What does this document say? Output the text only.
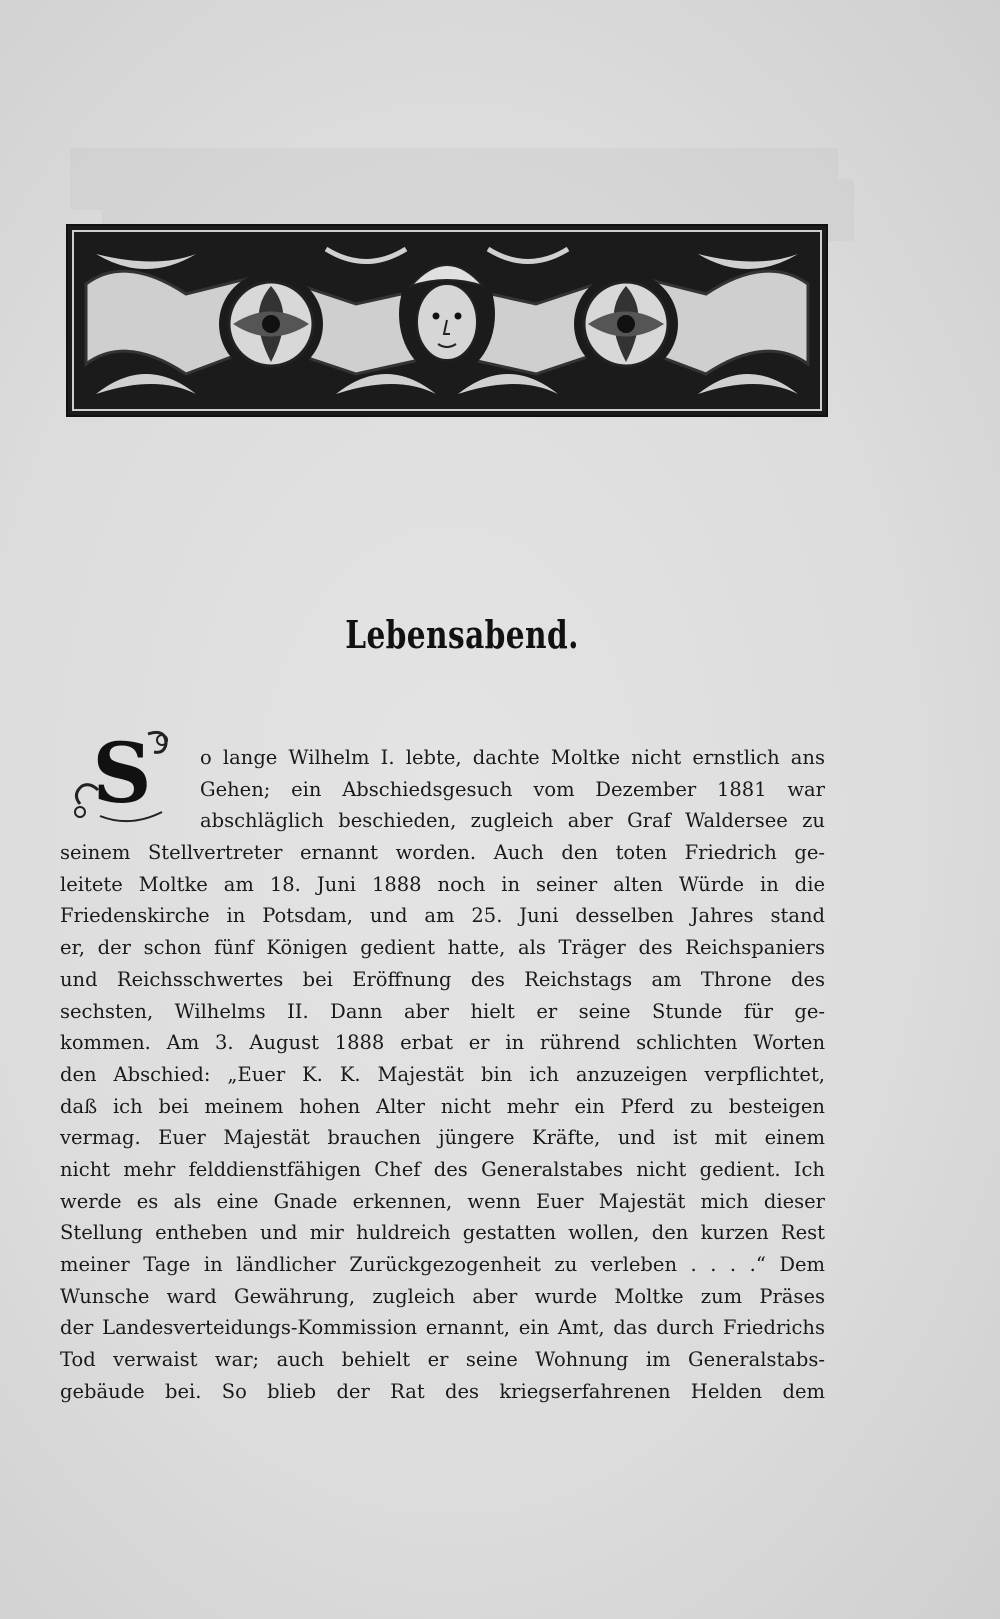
Lebensabend.
S	o lange Wilhelm I. lebte, dachte Moltke nicht ernstlich ans
Gehen; ein Abschiedsgesuch vom Dezember 1881 war
abschläglich beschieden, zugleich aber Graf Waldersee zu
seinem Stellvertreter ernannt worden. Auch den toten Friedrich ge-
leitete Moltke am 18. Juni 1888 noch in seiner alten Würde in die
Friedenskirche in Potsdam, und am 25. Juni desselben Jahres stand
er, der schon fünf Königen gedient hatte, als Träger des Reichspaniers
und Reichsschwertes bei Eröffnung des Reichstags am Throne des
sechsten, Wilhelms II. Dann aber hielt er seine Stunde für ge-
kommen. Am 3. August 1888 erbat er in rührend schlichten Worten
den Abschied: „Euer K. K. Majestät bin ich anzuzeigen verpflichtet,
daß ich bei meinem hohen Alter nicht mehr ein Pferd zu besteigen
vermag. Euer Majestät brauchen jüngere Kräfte, und ist mit einem
nicht mehr felddienstfähigen Chef des Generalstabes nicht gedient. Ich
werde es als eine Gnade erkennen, wenn Euer Majestät mich dieser
Stellung entheben und mir huldreich gestatten wollen, den kurzen Rest
meiner Tage in ländlicher Zurückgezogenheit zu verleben . . . .“ Dem
Wunsche ward Gewährung, zugleich aber wurde Moltke zum Präses
der Landesverteidungs-Kommission ernannt, ein Amt, das durch Friedrichs
Tod verwaist war; auch behielt er seine Wohnung im Generalstabs-
gebäude bei. So blieb der Rat des kriegserfahrenen Helden dem
